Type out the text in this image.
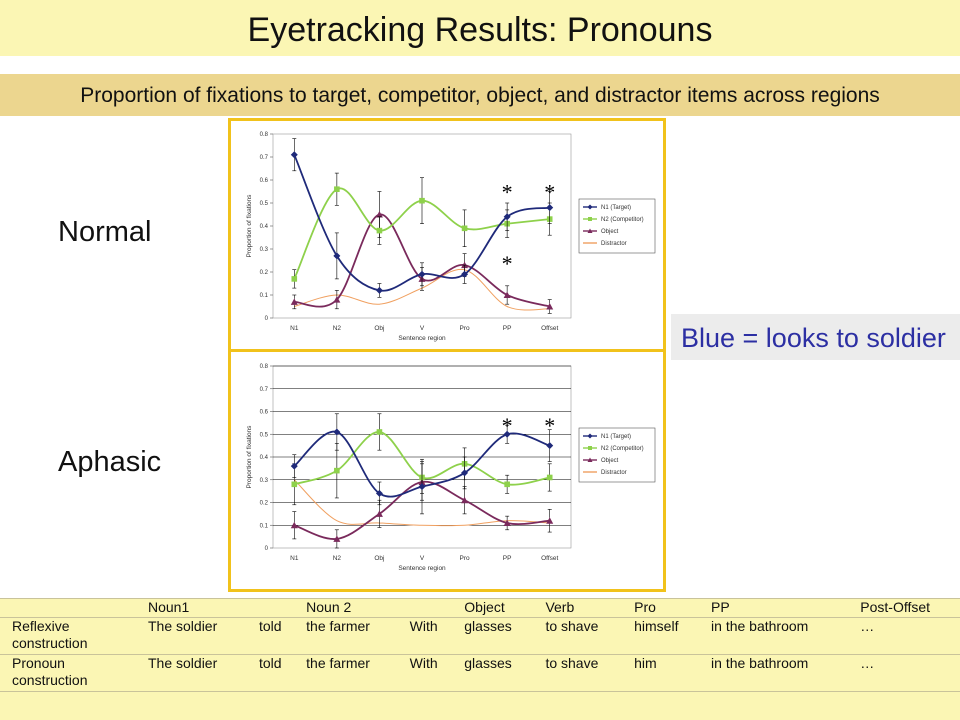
Eyetracking Results: Pronouns
Proportion of fixations to target, competitor, object, and distractor items across regions
Normal
Aphasic
Blue = looks to soldier
0
0.1
0.2
0.3
0.4
0.5
0.6
0.7
0.8
N1	N2	Obj	V	Pro	PP	Offset
Sentence region
Proportion of fixations
* *
*
N1 (Target)
N2 (Competitor)
Object
Distractor
0
0.1
0.2
0.3
0.4
0.5
0.6
0.7
0.8
N1	N2	Obj	V	Pro	PP	Offset
Sentence region
Proportion of fixations	* *	N1 (Target)
N2 (Competitor)
Object
Distractor
	Noun1		Noun 2		Object	Verb	Pro	PP	Post-Offset
Reflexive construction	The soldier	told	the farmer	With	glasses	to shave	himself	in the bathroom	…
Pronoun construction	The soldier	told	the farmer	With	glasses	to shave	him	in the bathroom	…
